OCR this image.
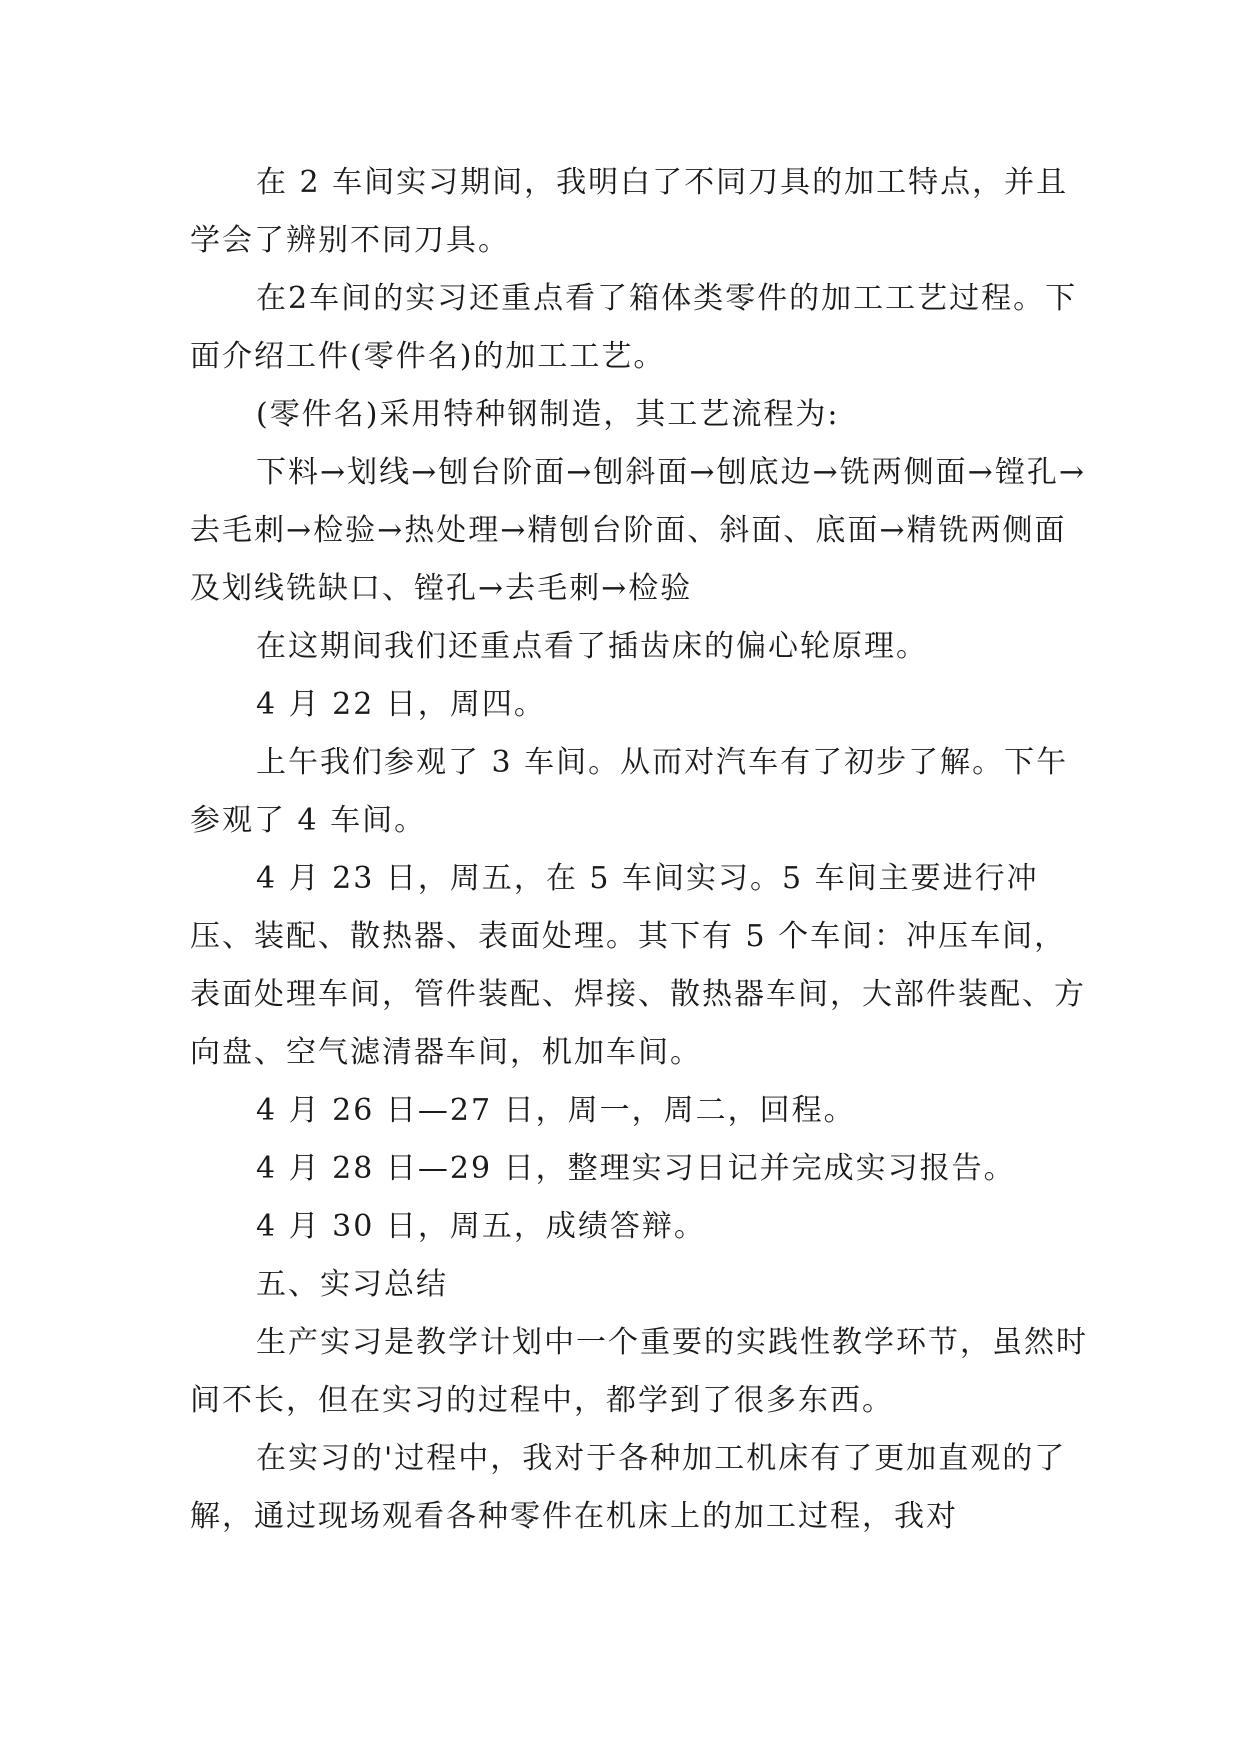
在 2 车间实习期间，我明白了不同刀具的加工特点，并且学会了辨别不同刀具。

在2车间的实习还重点看了箱体类零件的加工工艺过程。下面介绍工件(零件名)的加工工艺。

(零件名)采用特种钢制造，其工艺流程为:

下料→划线→刨台阶面→刨斜面→刨底边→铣两侧面→镗孔→去毛刺→检验→热处理→精刨台阶面、斜面、底面→精铣两侧面及划线铣缺口、镗孔→去毛刺→检验

在这期间我们还重点看了插齿床的偏心轮原理。

4 月 22 日，周四。

上午我们参观了 3 车间。从而对汽车有了初步了解。下午参观了 4 车间。

4 月 23 日，周五，在 5 车间实习。5 车间主要进行冲压、装配、散热器、表面处理。其下有 5 个车间：冲压车间，表面处理车间，管件装配、焊接、散热器车间，大部件装配、方向盘、空气滤清器车间，机加车间。

4 月 26 日—27 日，周一，周二，回程。

4 月 28 日—29 日，整理实习日记并完成实习报告。

4 月 30 日，周五，成绩答辩。

五、实习总结

生产实习是教学计划中一个重要的实践性教学环节，虽然时间不长，但在实习的过程中，都学到了很多东西。

在实习的'过程中，我对于各种加工机床有了更加直观的了解，通过现场观看各种零件在机床上的加工过程，我对
